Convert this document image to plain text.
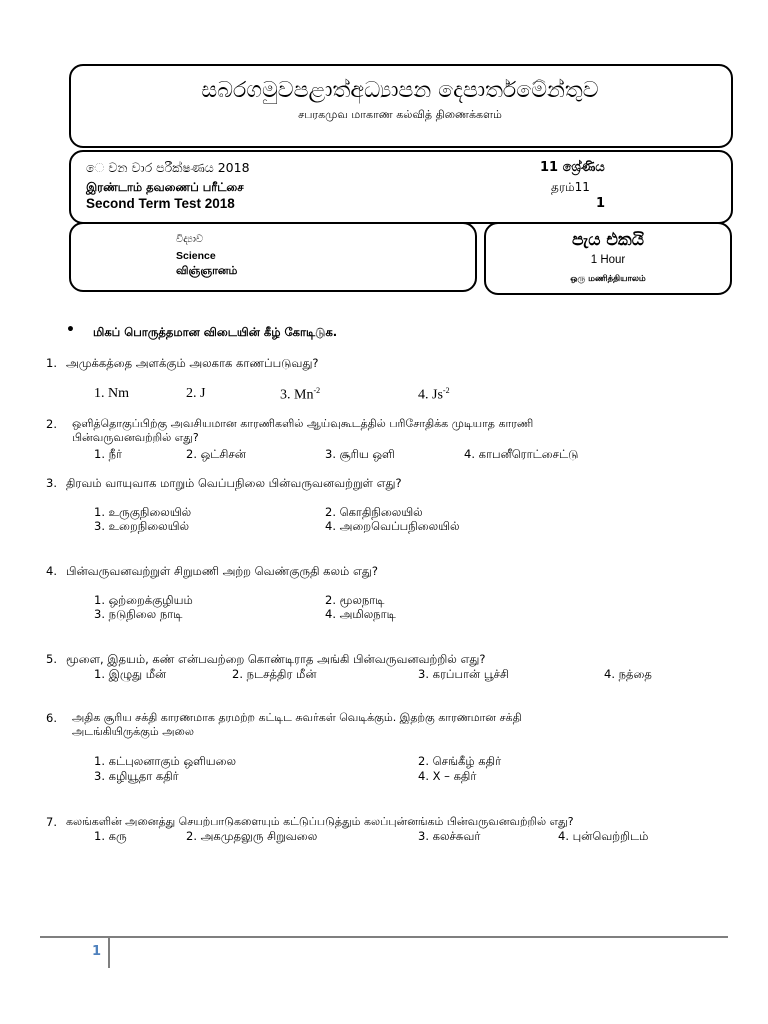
සබරගමුවපළාත්අධ්‍යාපන දෙපාර්තමේන්තුව
சபரகமுவ மாகாண கல்வித் திணைக்களம்
ෙ වන වාර පරීක්ෂණය 2018	11 ශ්‍රේණිය
இரண்டாம் தவணைப் பரீட்சை	தரம்11
Second Term Test 2018	1
විද්‍යාව
Science
விஞ்ஞானம்
පැය එකයි
1 Hour
ஒரு மணித்தியாலம்
• மிகப் பொருத்தமான விடையின் கீழ் கோடிடுக.
1. அமுக்கத்தை அளக்கும் அலகாக காணப்படுவது?
1. Nm	2. J	3. $Mn^{-2}$	4. $Js^{-2}$
2. ஒளித்தொகுப்பிற்கு அவசியமான காரணிகளில் ஆய்வுகூடத்தில் பரிசோதிக்க முடியாத காரணி
பின்வருவனவற்றில் எது?
1. நீர்	2. ஒட்சிசன்	3. சூரிய ஒளி	4. காபனீரொட்சைட்டு
3. திரவம் வாயுவாக மாறும் வெப்பநிலை பின்வருவனவற்றுள் எது?
1. உருகுநிலையில்	2. கொதிநிலையில்
3. உறைநிலையில்	4. அறைவெப்பநிலையில்
4. பின்வருவனவற்றுள் சிறுமணி அற்ற வெண்குருதி கலம் எது?
1. ஒற்றைக்குழியம்	2. மூலநாடி
3. நடுநிலை நாடி	4. அமிலநாடி
5. மூளை, இதயம், கண் என்பவற்றை கொண்டிராத அங்கி பின்வருவனவற்றில் எது?
1. இழுது மீன்	2. நடசத்திர மீன்	3. கரப்பான் பூச்சி	4. நத்தை
6. அதிக சூரிய சக்தி காரணமாக தரமற்ற கட்டிட சுவர்கள் வெடிக்கும். இதற்கு காரணமான சக்தி
அடங்கியிருக்கும் அலை
1. கட்புலனாகும் ஒளியலை	2. செங்கீழ் கதிர்
3. கழியூதா கதிர்	4. X – கதிர்
7. கலங்களின் அனைத்து செயற்பாடுகளையும் கட்டுப்படுத்தும் கலப்புன்னங்கம் பின்வருவனவற்றில் எது?
1. கரு	2. அகமுதலுரு சிறுவலை	3. கலச்சுவர்	4. புன்வெற்றிடம்
1
